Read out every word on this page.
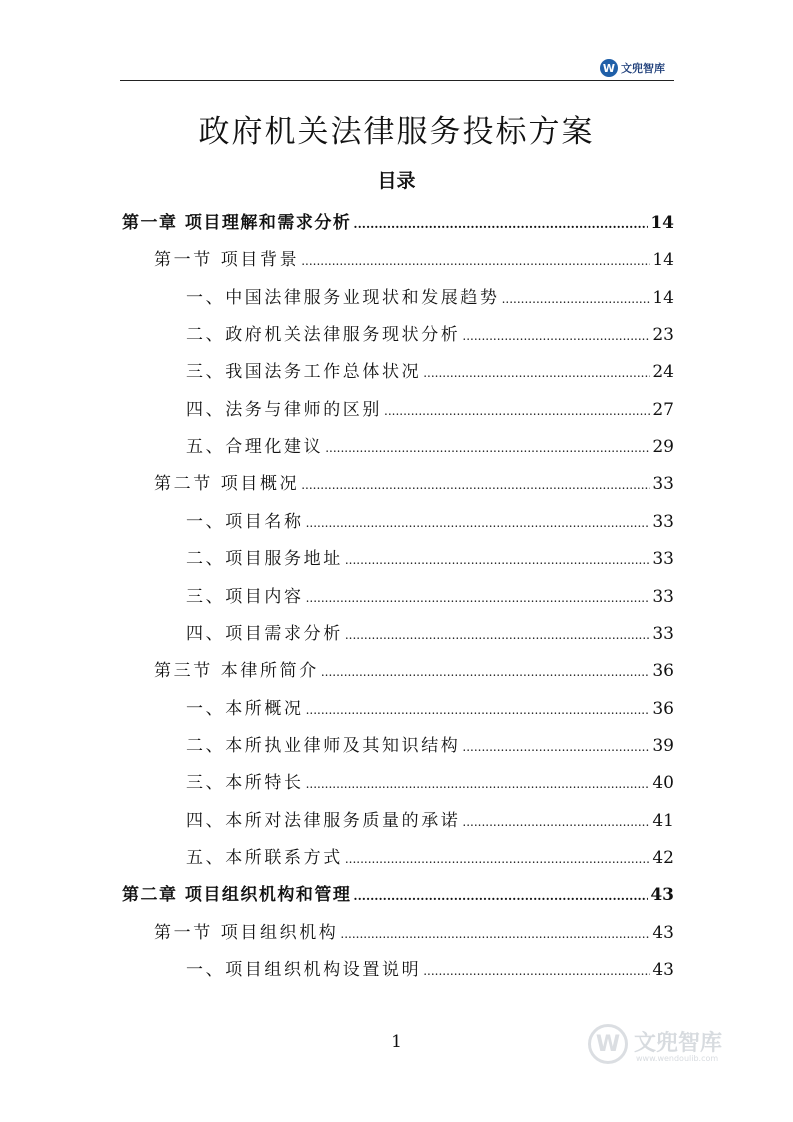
W 文兜智库
政府机关法律服务投标方案
目录
第一章 项目理解和需求分析 .....	14
第一节 项目背景 .....	14
一、中国法律服务业现状和发展趋势 .....	14
二、政府机关法律服务现状分析 .....	23
三、我国法务工作总体状况 .....	24
四、法务与律师的区别 .....	27
五、合理化建议 .....	29
第二节 项目概况 .....	33
一、项目名称 .....	33
二、项目服务地址 .....	33
三、项目内容 .....	33
四、项目需求分析 .....	33
第三节 本律所简介 .....	36
一、本所概况 .....	36
二、本所执业律师及其知识结构 .....	39
三、本所特长 .....	40
四、本所对法律服务质量的承诺 .....	41
五、本所联系方式 .....	42
第二章 项目组织机构和管理 .....	43
第一节 项目组织机构 .....	43
一、项目组织机构设置说明 .....	43
1	W 文兜智库
www.wendoulib.com
